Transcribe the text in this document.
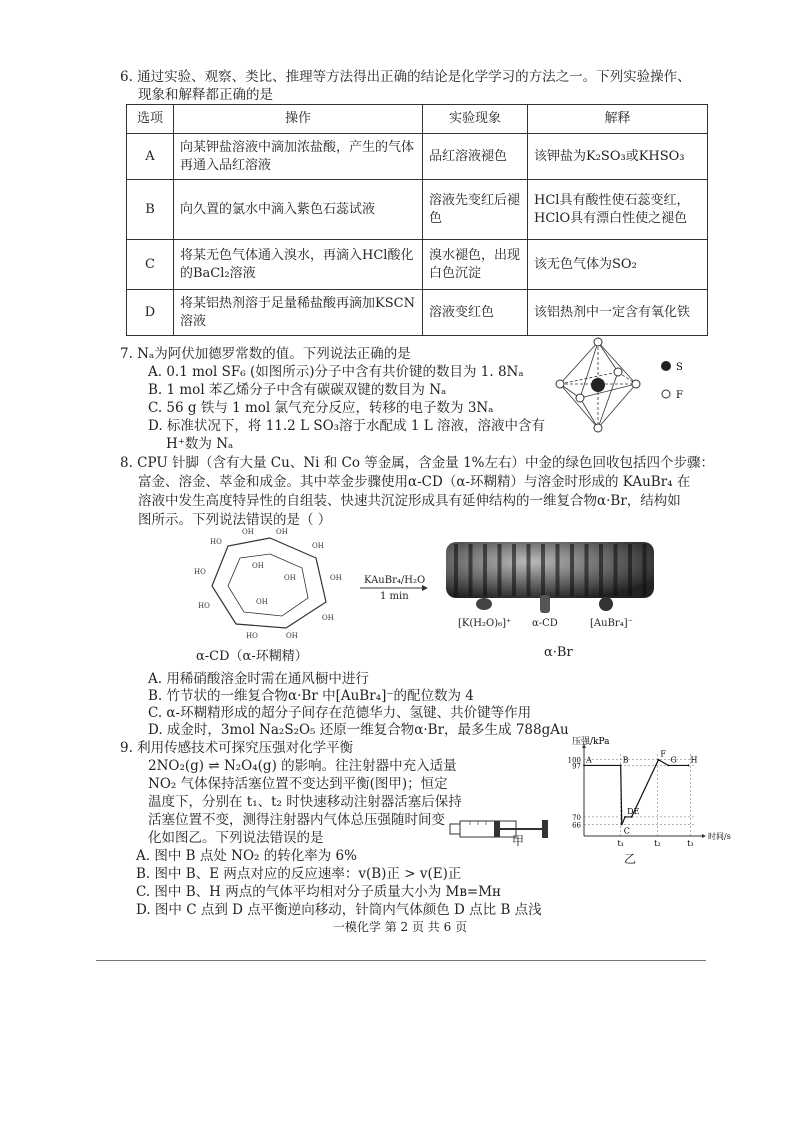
6. 通过实验、观察、类比、推理等方法得出正确的结论是化学学习的方法之一。下列实验操作、
现象和解释都正确的是
选项	操作	实验现象	解释
A	向某钾盐溶液中滴加浓盐酸，产生的气体再通入品红溶液	品红溶液褪色	该钾盐为K₂SO₃或KHSO₃
B	向久置的氯水中滴入紫色石蕊试液	溶液先变红后褪色	HCl具有酸性使石蕊变红，HClO具有漂白性使之褪色
C	将某无色气体通入溴水，再滴入HCl酸化的BaCl₂溶液	溴水褪色，出现白色沉淀	该无色气体为SO₂
D	将某铝热剂溶于足量稀盐酸再滴加KSCN溶液	溶液变红色	该铝热剂中一定含有氧化铁
7. Nₐ为阿伏加德罗常数的值。下列说法正确的是
A. 0.1 mol SF₆ (如图所示)分子中含有共价键的数目为 1. 8Nₐ
B. 1 mol 苯乙烯分子中含有碳碳双键的数目为 Nₐ
C. 56 g 铁与 1 mol 氯气充分反应，转移的电子数为 3Nₐ
D. 标准状况下，将 11.2 L SO₃溶于水配成 1 L 溶液，溶液中含有
H⁺数为 Nₐ
S
F
8. CPU 针脚（含有大量 Cu、Ni 和 Co 等金属，含金量 1%左右）中金的绿色回收包括四个步骤：
富金、溶金、萃金和成金。其中萃金步骤使用α-CD（α-环糊精）与溶金时形成的 KAuBr₄ 在
溶液中发生高度特异性的自组装、快速共沉淀形成具有延伸结构的一维复合物α·Br，结构如
图所示。下列说法错误的是（ ）
OH	OH
OH
OH
OH
OH
HO
HO
HO
HO
OH
OH
OH
KAuBr₄/H₂O
1 min
[K(H₂O)₆]⁺ α-CD	[AuBr₄]⁻
α-CD（α-环糊精）	α·Br
A. 用稀硝酸溶金时需在通风橱中进行
B. 竹节状的一维复合物α·Br 中[AuBr₄]⁻的配位数为 4
C. α-环糊精形成的超分子间存在范德华力、氢键、共价键等作用
D. 成金时，3mol Na₂S₂O₅ 还原一维复合物α·Br，最多生成 788gAu
9. 利用传感技术可探究压强对化学平衡
2NO₂(g) ⇌ N₂O₄(g) 的影响。往注射器中充入适量
NO₂ 气体保持活塞位置不变达到平衡(图甲)；恒定
温度下，分别在 t₁、t₂ 时快速移动注射器活塞后保持
活塞位置不变，测得注射器内气体总压强随时间变
化如图乙。下列说法错误的是
A. 图中 B 点处 NO₂ 的转化率为 6%
B. 图中 B、E 两点对应的反应速率：v(B)正 > v(E)正
C. 图中 B、H 两点的气体平均相对分子质量大小为 Mв=Mн
D. 图中 C 点到 D 点平衡逆向移动，针筒内气体颜色 D 点比 B 点浅
甲
压强/kPa
时间/s
66
70
97
100
t₁	t₂	t₃
A	B
C
D E
F
G H
乙
一模化学 第 2 页 共 6 页
